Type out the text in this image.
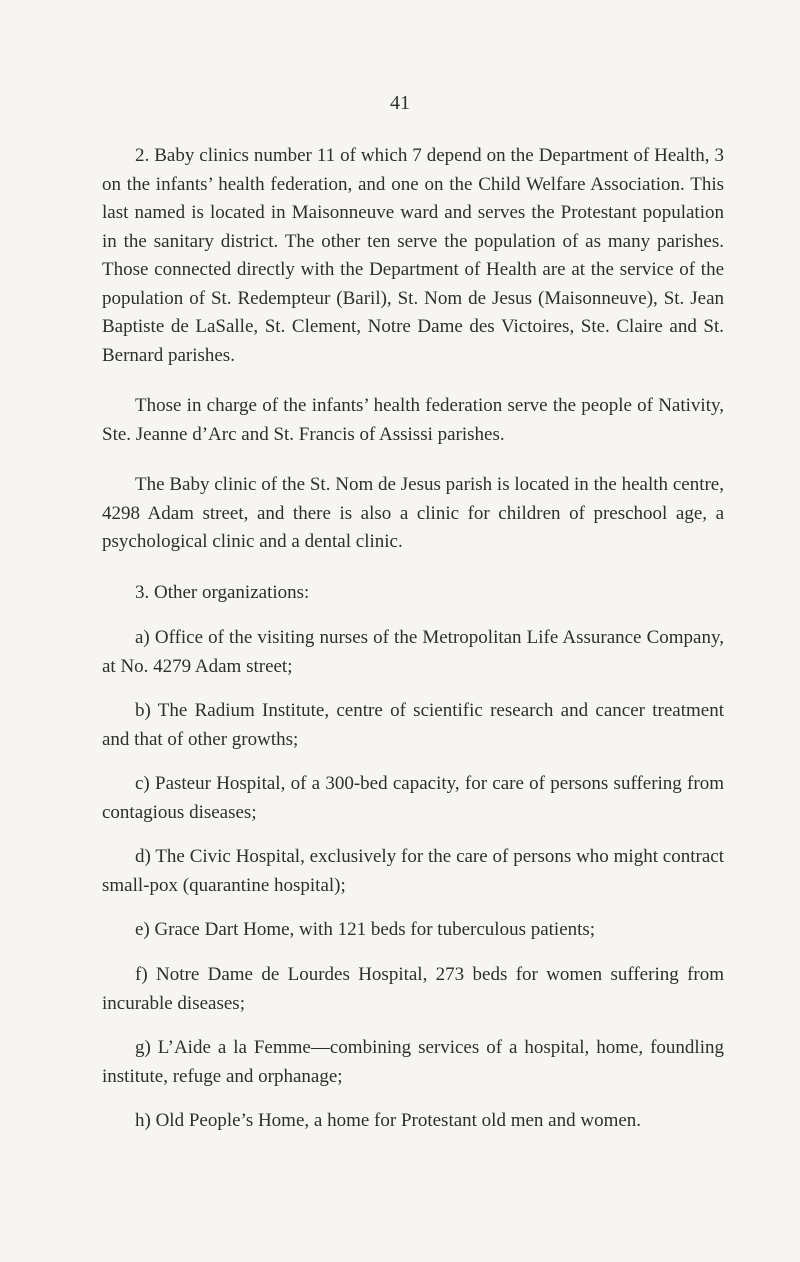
41

2. Baby clinics number 11 of which 7 depend on the Department of Health, 3 on the infants’ health federation, and one on the Child Welfare Association. This last named is located in Maisonneuve ward and serves the Protestant population in the sanitary district. The other ten serve the population of as many parishes. Those connected directly with the Department of Health are at the service of the population of St. Redempteur (Baril), St. Nom de Jesus (Maisonneuve), St. Jean Baptiste de LaSalle, St. Clement, Notre Dame des Victoires, Ste. Claire and St. Bernard parishes.

Those in charge of the infants’ health federation serve the people of Nativity, Ste. Jeanne d’Arc and St. Francis of Assissi parishes.

The Baby clinic of the St. Nom de Jesus parish is located in the health centre, 4298 Adam street, and there is also a clinic for children of preschool age, a psychological clinic and a dental clinic.

3. Other organizations:

a) Office of the visiting nurses of the Metropolitan Life Assurance Company, at No. 4279 Adam street;

b) The Radium Institute, centre of scientific research and cancer treatment and that of other growths;

c) Pasteur Hospital, of a 300-bed capacity, for care of persons suffering from contagious diseases;

d) The Civic Hospital, exclusively for the care of persons who might contract small-pox (quarantine hospital);

e) Grace Dart Home, with 121 beds for tuberculous patients;

f) Notre Dame de Lourdes Hospital, 273 beds for women suffering from incurable diseases;

g) L’Aide a la Femme—combining services of a hospital, home, foundling institute, refuge and orphanage;

h) Old People’s Home, a home for Protestant old men and women.
